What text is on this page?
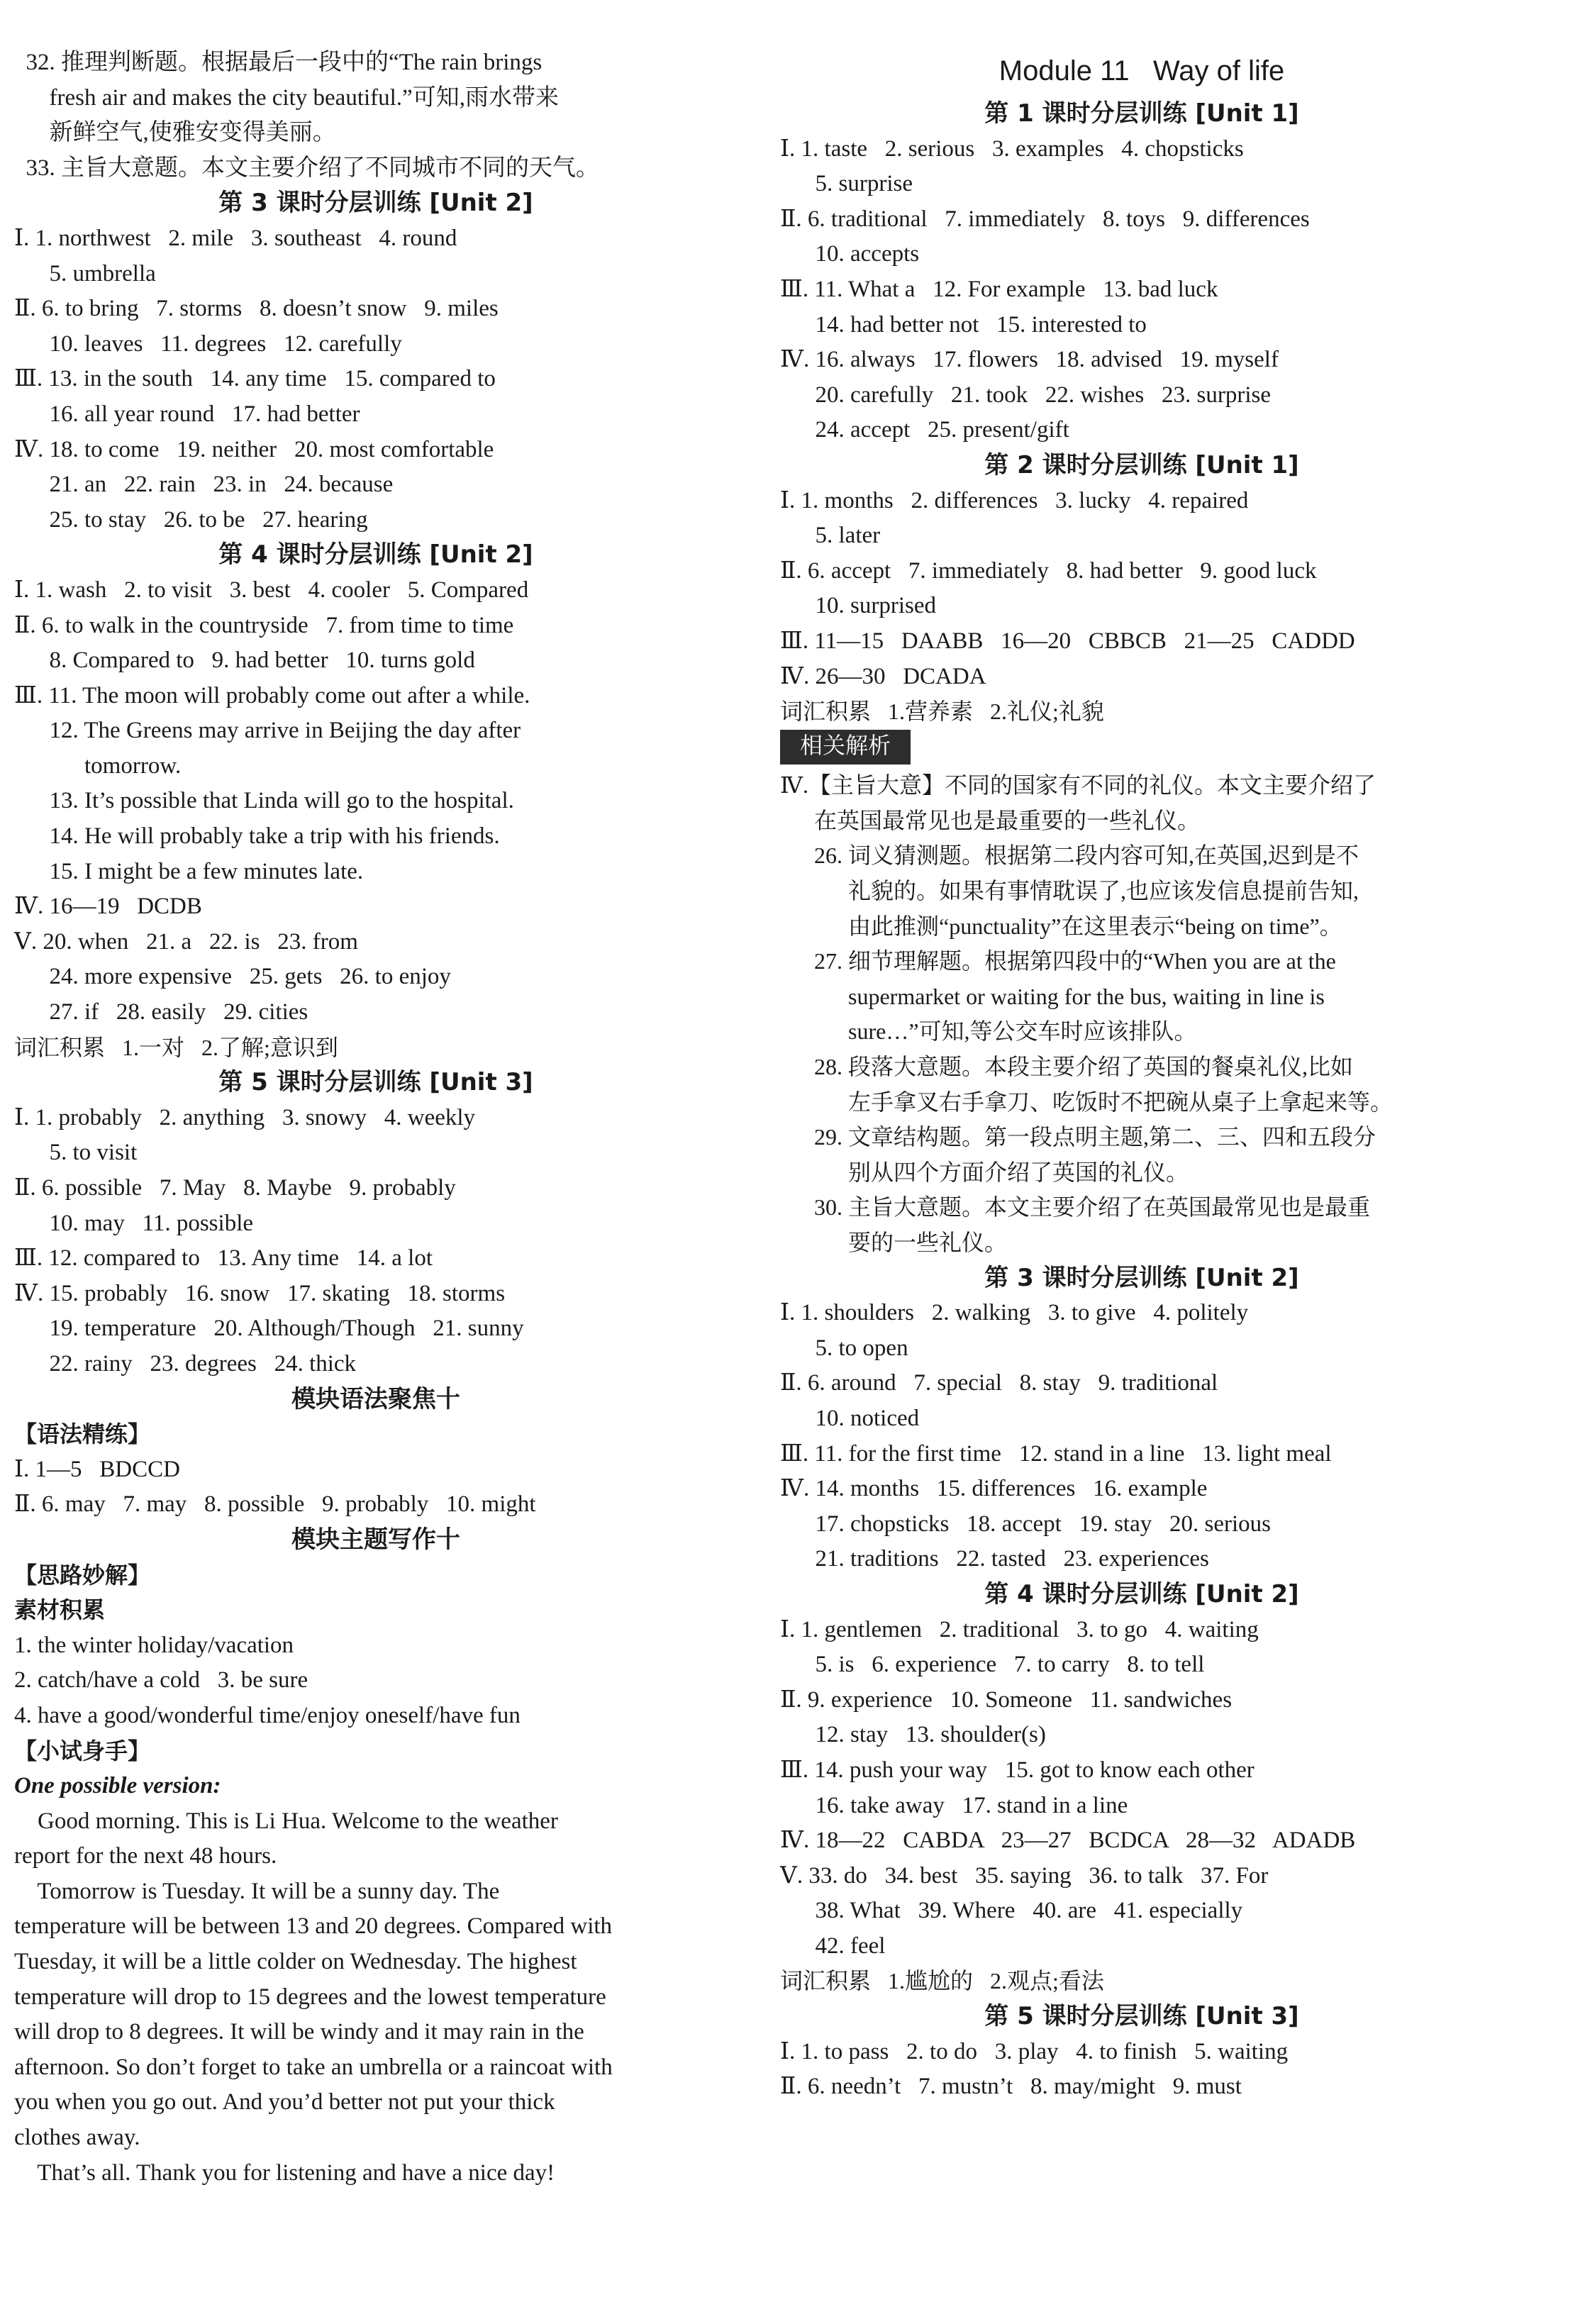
32. 推理判断题。根据最后一段中的“The rain brings
fresh air and makes the city beautiful.”可知,雨水带来
新鲜空气,使雅安变得美丽。
33. 主旨大意题。本文主要介绍了不同城市不同的天气。
第 3 课时分层训练 [Unit 2]
Ⅰ. 1. northwest   2. mile   3. southeast   4. round
5. umbrella
Ⅱ. 6. to bring   7. storms   8. doesn’t snow   9. miles
10. leaves   11. degrees   12. carefully
Ⅲ. 13. in the south   14. any time   15. compared to
16. all year round   17. had better
Ⅳ. 18. to come   19. neither   20. most comfortable
21. an   22. rain   23. in   24. because
25. to stay   26. to be   27. hearing
第 4 课时分层训练 [Unit 2]
Ⅰ. 1. wash   2. to visit   3. best   4. cooler   5. Compared
Ⅱ. 6. to walk in the countryside   7. from time to time
8. Compared to   9. had better   10. turns gold
Ⅲ. 11. The moon will probably come out after a while.
12. The Greens may arrive in Beijing the day after
tomorrow.
13. It’s possible that Linda will go to the hospital.
14. He will probably take a trip with his friends.
15. I might be a few minutes late.
Ⅳ. 16—19   DCDB
Ⅴ. 20. when   21. a   22. is   23. from
24. more expensive   25. gets   26. to enjoy
27. if   28. easily   29. cities
词汇积累   1.一对   2.了解;意识到
第 5 课时分层训练 [Unit 3]
Ⅰ. 1. probably   2. anything   3. snowy   4. weekly
5. to visit
Ⅱ. 6. possible   7. May   8. Maybe   9. probably
10. may   11. possible
Ⅲ. 12. compared to   13. Any time   14. a lot
Ⅳ. 15. probably   16. snow   17. skating   18. storms
19. temperature   20. Although/Though   21. sunny
22. rainy   23. degrees   24. thick
模块语法聚焦十
【语法精练】
Ⅰ. 1—5   BDCCD
Ⅱ. 6. may   7. may   8. possible   9. probably   10. might
模块主题写作十
【思路妙解】
素材积累
1. the winter holiday/vacation
2. catch/have a cold   3. be sure
4. have a good/wonderful time/enjoy oneself/have fun
【小试身手】
One possible version:
Good morning. This is Li Hua. Welcome to the weather
report for the next 48 hours.
Tomorrow is Tuesday. It will be a sunny day. The
temperature will be between 13 and 20 degrees. Compared with
Tuesday, it will be a little colder on Wednesday. The highest
temperature will drop to 15 degrees and the lowest temperature
will drop to 8 degrees. It will be windy and it may rain in the
afternoon. So don’t forget to take an umbrella or a raincoat with
you when you go out. And you’d better not put your thick
clothes away.
That’s all. Thank you for listening and have a nice day!
Module 11   Way of life
第 1 课时分层训练 [Unit 1]
Ⅰ. 1. taste   2. serious   3. examples   4. chopsticks
5. surprise
Ⅱ. 6. traditional   7. immediately   8. toys   9. differences
10. accepts
Ⅲ. 11. What a   12. For example   13. bad luck
14. had better not   15. interested to
Ⅳ. 16. always   17. flowers   18. advised   19. myself
20. carefully   21. took   22. wishes   23. surprise
24. accept   25. present/gift
第 2 课时分层训练 [Unit 1]
Ⅰ. 1. months   2. differences   3. lucky   4. repaired
5. later
Ⅱ. 6. accept   7. immediately   8. had better   9. good luck
10. surprised
Ⅲ. 11—15   DAABB   16—20   CBBCB   21—25   CADDD
Ⅳ. 26—30   DCADA
词汇积累   1.营养素   2.礼仪;礼貌
相关解析
Ⅳ.【主旨大意】不同的国家有不同的礼仪。本文主要介绍了
在英国最常见也是最重要的一些礼仪。
26. 词义猜测题。根据第二段内容可知,在英国,迟到是不
礼貌的。如果有事情耽误了,也应该发信息提前告知,
由此推测“punctuality”在这里表示“being on time”。
27. 细节理解题。根据第四段中的“When you are at the
supermarket or waiting for the bus, waiting in line is
sure…”可知,等公交车时应该排队。
28. 段落大意题。本段主要介绍了英国的餐桌礼仪,比如
左手拿叉右手拿刀、吃饭时不把碗从桌子上拿起来等。
29. 文章结构题。第一段点明主题,第二、三、四和五段分
别从四个方面介绍了英国的礼仪。
30. 主旨大意题。本文主要介绍了在英国最常见也是最重
要的一些礼仪。
第 3 课时分层训练 [Unit 2]
Ⅰ. 1. shoulders   2. walking   3. to give   4. politely
5. to open
Ⅱ. 6. around   7. special   8. stay   9. traditional
10. noticed
Ⅲ. 11. for the first time   12. stand in a line   13. light meal
Ⅳ. 14. months   15. differences   16. example
17. chopsticks   18. accept   19. stay   20. serious
21. traditions   22. tasted   23. experiences
第 4 课时分层训练 [Unit 2]
Ⅰ. 1. gentlemen   2. traditional   3. to go   4. waiting
5. is   6. experience   7. to carry   8. to tell
Ⅱ. 9. experience   10. Someone   11. sandwiches
12. stay   13. shoulder(s)
Ⅲ. 14. push your way   15. got to know each other
16. take away   17. stand in a line
Ⅳ. 18—22   CABDA   23—27   BCDCA   28—32   ADADB
Ⅴ. 33. do   34. best   35. saying   36. to talk   37. For
38. What   39. Where   40. are   41. especially
42. feel
词汇积累   1.尴尬的   2.观点;看法
第 5 课时分层训练 [Unit 3]
Ⅰ. 1. to pass   2. to do   3. play   4. to finish   5. waiting
Ⅱ. 6. needn’t   7. mustn’t   8. may/might   9. must
